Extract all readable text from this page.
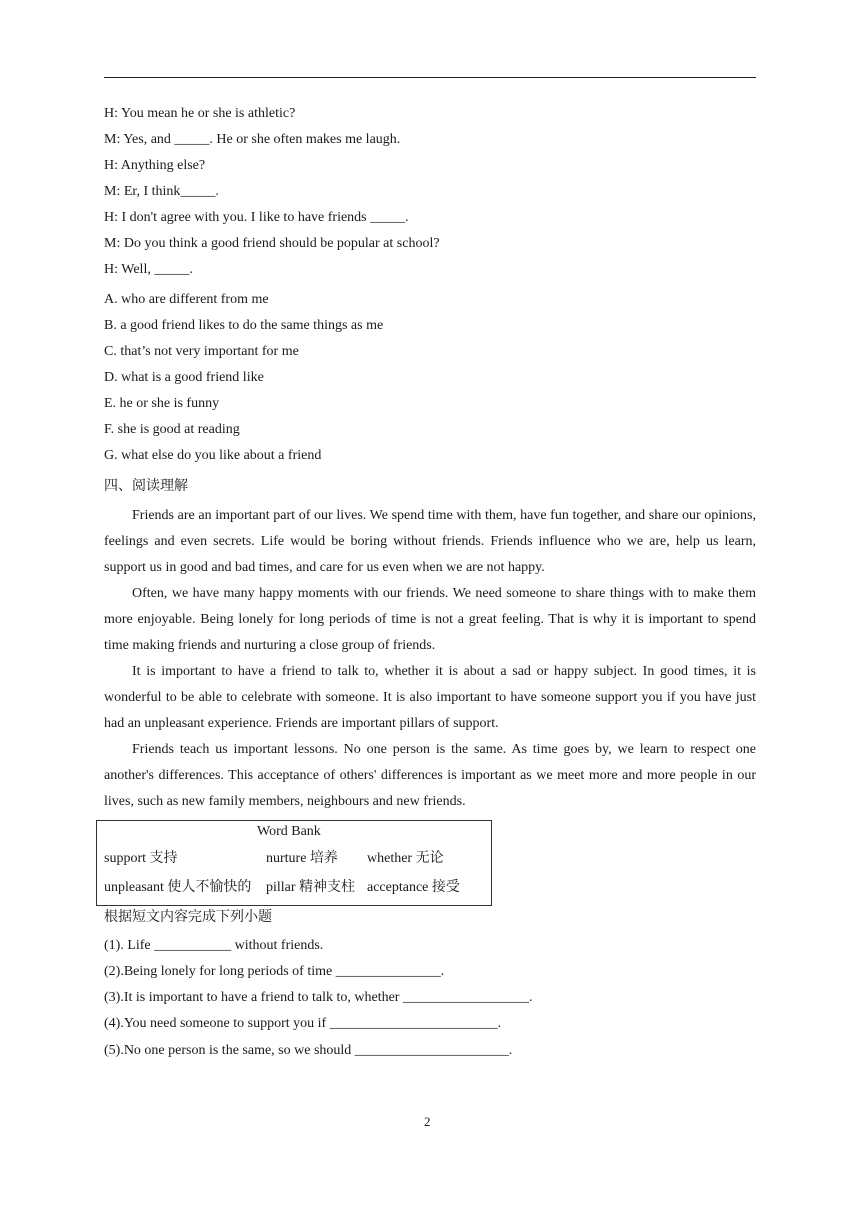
H: You mean he or she is athletic?
M: Yes, and _____. He or she often makes me laugh.
H: Anything else?
M: Er, I think_____.
H: I don't agree with you. I like to have friends _____.
M: Do you think a good friend should be popular at school?
H: Well, _____.
A. who are different from me
B. a good friend likes to do the same things as me
C. that’s not very important for me
D. what is a good friend like
E. he or she is funny
F. she is good at reading
G. what else do you like about a friend
四、阅读理解

Friends are an important part of our lives. We spend time with them, have fun together, and share our opinions, feelings and even secrets. Life would be boring without friends. Friends influence who we are, help us learn, support us in good and bad times, and care for us even when we are not happy.

Often, we have many happy moments with our friends. We need someone to share things with to make them more enjoyable. Being lonely for long periods of time is not a great feeling. That is why it is important to spend time making friends and nurturing a close group of friends.

It is important to have a friend to talk to, whether it is about a sad or happy subject. In good times, it is wonderful to be able to celebrate with someone. It is also important to have someone support you if you have just had an unpleasant experience. Friends are important pillars of support.

Friends teach us important lessons. No one person is the same. As time goes by, we learn to respect one another's differences. This acceptance of others' differences is important as we meet more and more people in our lives, such as new family members, neighbours and new friends.

Word Bank
support 支持	nurture 培养 whether 无论
unpleasant 使人不愉快的 pillar 精神支柱 acceptance 接受
根据短文内容完成下列小题
(1). Life ___________ without friends.
(2).Being lonely for long periods of time _______________.
(3).It is important to have a friend to talk to, whether __________________.
(4).You need someone to support you if ________________________.
(5).No one person is the same, so we should ______________________.
2
